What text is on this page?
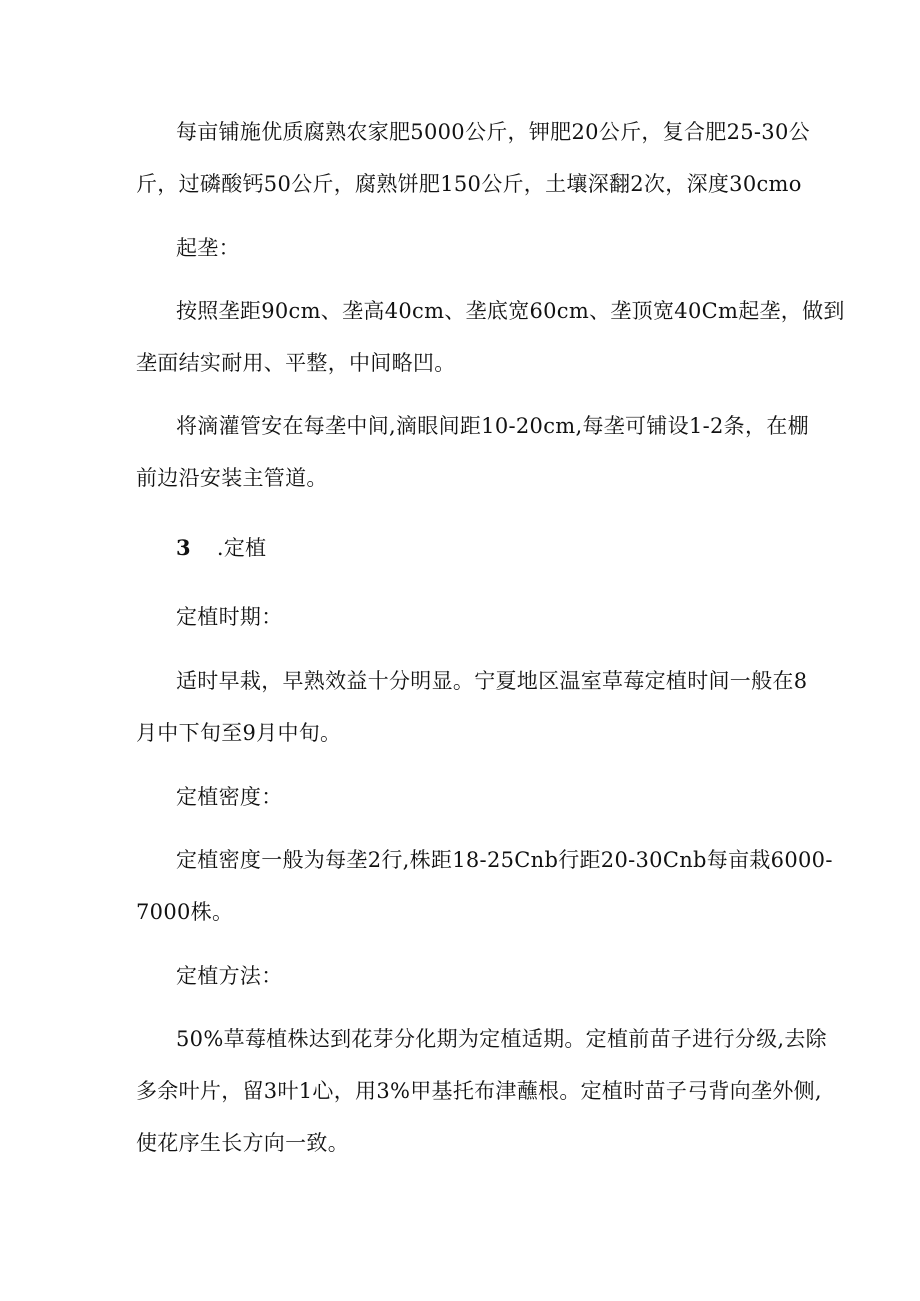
每亩铺施优质腐熟农家肥5000公斤，钾肥20公斤，复合肥25-30公
斤，过磷酸钙50公斤，腐熟饼肥150公斤，土壤深翻2次，深度30cmo
起垄：
按照垄距90cm、垄高40cm、垄底宽60cm、垄顶宽40Cm起垄，做到
垄面结实耐用、平整，中间略凹。
将滴灌管安在每垄中间,滴眼间距10-20cm,每垄可铺设1-2条，在棚
前边沿安装主管道。
3 .定植
定植时期：
适时早栽，早熟效益十分明显。宁夏地区温室草莓定植时间一般在8
月中下旬至9月中旬。
定植密度：
定植密度一般为每垄2行,株距18-25Cnb行距20-30Cnb每亩栽6000-
7000株。
定植方法：
50%草莓植株达到花芽分化期为定植适期。定植前苗子进行分级,去除
多余叶片，留3叶1心，用3%甲基托布津蘸根。定植时苗子弓背向垄外侧,
使花序生长方向一致。
